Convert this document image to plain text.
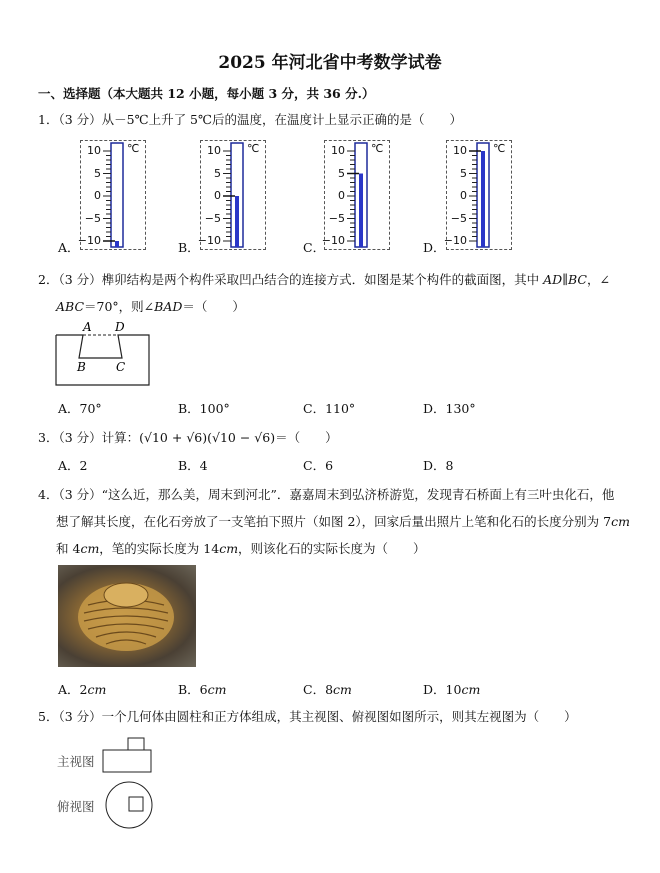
2025 年河北省中考数学试卷
一、选择题（本大题共 12 小题，每小题 3 分，共 36 分.）
1．（3 分）从－5℃上升了 5℃后的温度，在温度计上显示正确的是（　　）
10
5
0
−5
−10
℃	10
5
0
−5
−10
℃	10
5
0
−5
−10
℃	10
5
0
−5
−10
℃
A．	B．	C．	D．
2．（3 分）榫卯结构是两个构件采取凹凸结合的连接方式．如图是某个构件的截面图，其中 AD∥BC，∠
ABC＝70°，则∠BAD＝（　　）
A D
B	C
A．70°	B．100°	C．110°	D．130°
3．（3 分）计算：(√10 + √6)(√10 − √6)＝（　　）
A．2	B．4	C．6	D．8
4．（3 分）“这么近，那么美，周末到河北”．嘉嘉周末到弘济桥游览，发现青石桥面上有三叶虫化石，他
想了解其长度，在化石旁放了一支笔拍下照片（如图 2），回家后量出照片上笔和化石的长度分别为 7cm
和 4cm，笔的实际长度为 14cm，则该化石的实际长度为（　　）
A．2cm	B．6cm	C．8cm	D．10cm
5．（3 分）一个几何体由圆柱和正方体组成，其主视图、俯视图如图所示，则其左视图为（　　）
主视图
俯视图
